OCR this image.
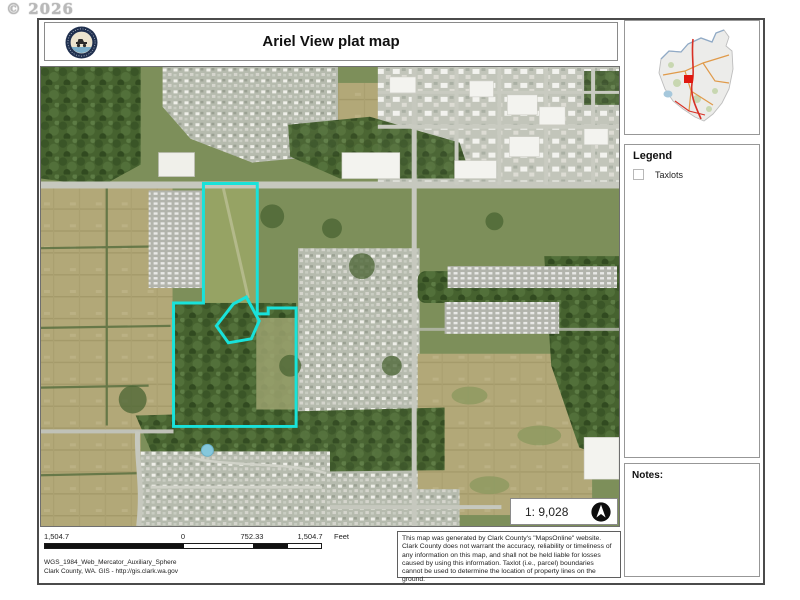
© 2026
Ariel View plat map
1: 9,028
Legend
Taxlots
Notes:
1,504.7	0	752.33	1,504.7	Feet
WGS_1984_Web_Mercator_Auxiliary_Sphere
Clark County, WA. GIS - http://gis.clark.wa.gov
This map was generated by Clark County's "MapsOnline" website. Clark County does not warrant the accuracy, reliability or timeliness of any information on this map, and shall not be held liable for losses caused by using this information. Taxlot (i.e., parcel) boundaries cannot be used to determine the location of property lines on the ground.
